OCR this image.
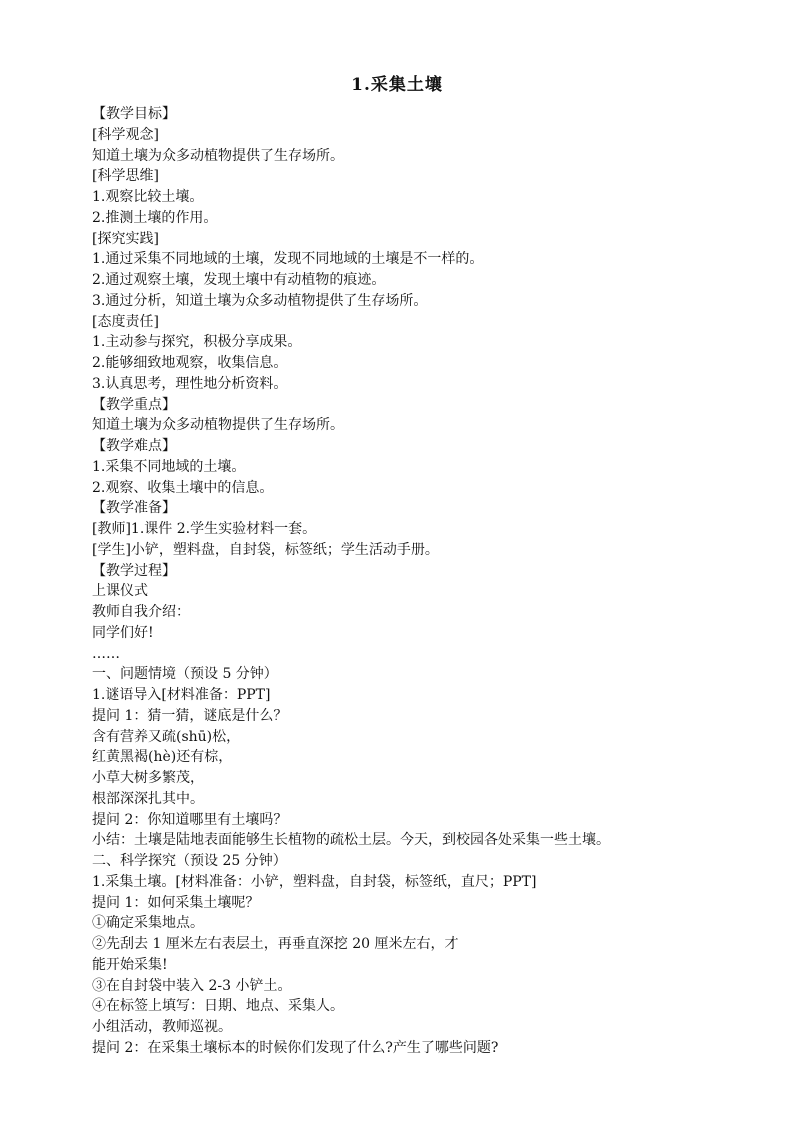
1.采集土壤
【教学目标】
[科学观念]
知道土壤为众多动植物提供了生存场所。
[科学思维]
1.观察比较土壤。
2.推测土壤的作用。
[探究实践]
1.通过采集不同地域的土壤，发现不同地域的土壤是不一样的。
2.通过观察土壤，发现土壤中有动植物的痕迹。
3.通过分析，知道土壤为众多动植物提供了生存场所。
[态度责任]
1.主动参与探究，积极分享成果。
2.能够细致地观察，收集信息。
3.认真思考，理性地分析资料。
【教学重点】
知道土壤为众多动植物提供了生存场所。
【教学难点】
1.采集不同地域的土壤。
2.观察、收集土壤中的信息。
【教学准备】
[教师]1.课件 2.学生实验材料一套。
[学生]小铲，塑料盘，自封袋，标签纸；学生活动手册。
【教学过程】
上课仪式
教师自我介绍：
同学们好!
……
一、问题情境（预设 5 分钟）
1.谜语导入[材料准备：PPT]
提问 1：猜一猜，谜底是什么？
含有营养又疏(shū)松，
红黄黑褐(hè)还有棕，
小草大树多繁茂，
根部深深扎其中。
提问 2：你知道哪里有土壤吗？
小结：土壤是陆地表面能够生长植物的疏松土层。今天，到校园各处采集一些土壤。
二、科学探究（预设 25 分钟）
1.采集土壤。[材料准备：小铲，塑料盘，自封袋，标签纸，直尺；PPT]
提问 1：如何采集土壤呢？
①确定采集地点。
②先刮去 1 厘米左右表层土，再垂直深挖 20 厘米左右，才
能开始采集!
③在自封袋中装入 2-3 小铲土。
④在标签上填写：日期、地点、采集人。
小组活动，教师巡视。
提问 2：在采集土壤标本的时候你们发现了什么?产生了哪些问题?
